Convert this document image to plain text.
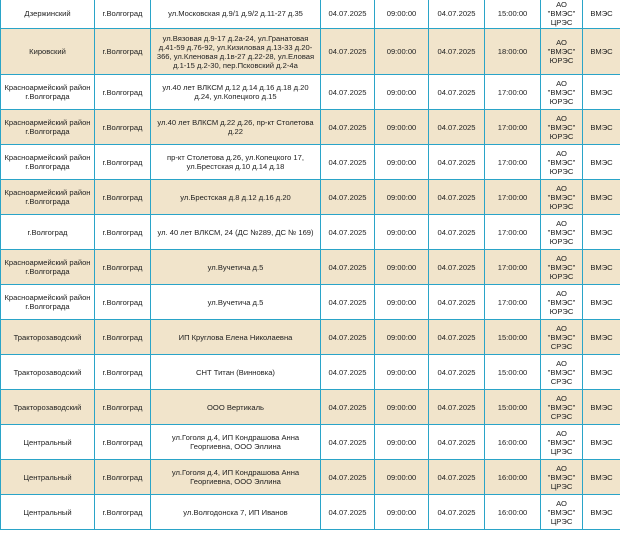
Дзержинский	г.Волгоград	ул.Московская д.9/1 д.9/2 д.11-27 д.35	04.07.2025	09:00:00	04.07.2025	15:00:00	АО "ВМЭС" ЦРЭС	ВМЭС
Кировский	г.Волгоград	ул.Вязовая д.9-17 д.2а-24, ул.Гранатовая д.41-59 д.76-92, ул.Кизиловая д.13-33 д.20-366, ул.Кленовая д.1в-27 д.22-28, ул.Еловая д.1-15 д.2-30, пер.Псковский д.2-4а	04.07.2025	09:00:00	04.07.2025	18:00:00	АО "ВМЭС" ЮРЭС	ВМЭС
Красноармейский район г.Волгограда	г.Волгоград	ул.40 лет ВЛКСМ д.12 д.14 д.16 д.18 д.20 д.24, ул.Копецкого д.15	04.07.2025	09:00:00	04.07.2025	17:00:00	АО "ВМЭС" ЮРЭС	ВМЭС
Красноармейский район г.Волгограда	г.Волгоград	ул.40 лет ВЛКСМ д.22 д.26, пр-кт Столетова д.22	04.07.2025	09:00:00	04.07.2025	17:00:00	АО "ВМЭС" ЮРЭС	ВМЭС
Красноармейский район г.Волгограда	г.Волгоград	пр-кт Столетова д.26, ул.Копецкого 17, ул.Брестская д.10 д.14 д.18	04.07.2025	09:00:00	04.07.2025	17:00:00	АО "ВМЭС" ЮРЭС	ВМЭС
Красноармейский район г.Волгограда	г.Волгоград	ул.Брестская д.8 д.12 д.16 д.20	04.07.2025	09:00:00	04.07.2025	17:00:00	АО "ВМЭС" ЮРЭС	ВМЭС
г.Волгоград	г.Волгоград	ул. 40 лет ВЛКСМ, 24 (ДС №289, ДС № 169)	04.07.2025	09:00:00	04.07.2025	17:00:00	АО "ВМЭС" ЮРЭС	ВМЭС
Красноармейский район г.Волгограда	г.Волгоград	ул.Вучетича д.5	04.07.2025	09:00:00	04.07.2025	17:00:00	АО "ВМЭС" ЮРЭС	ВМЭС
Красноармейский район г.Волгограда	г.Волгоград	ул.Вучетича д.5	04.07.2025	09:00:00	04.07.2025	17:00:00	АО "ВМЭС" ЮРЭС	ВМЭС
Тракторозаводский	г.Волгоград	ИП Круглова Елена Николаевна	04.07.2025	09:00:00	04.07.2025	15:00:00	АО "ВМЭС" СРЭС	ВМЭС
Тракторозаводский	г.Волгоград	СНТ Титан (Винновка)	04.07.2025	09:00:00	04.07.2025	15:00:00	АО "ВМЭС" СРЭС	ВМЭС
Тракторозаводский	г.Волгоград	ООО Вертикаль	04.07.2025	09:00:00	04.07.2025	15:00:00	АО "ВМЭС" СРЭС	ВМЭС
Центральный	г.Волгоград	ул.Гоголя д.4, ИП Кондрашова Анна Георгиевна, ООО Эллина	04.07.2025	09:00:00	04.07.2025	16:00:00	АО "ВМЭС" ЦРЭС	ВМЭС
Центральный	г.Волгоград	ул.Гоголя д.4, ИП Кондрашова Анна Георгиевна, ООО Эллина	04.07.2025	09:00:00	04.07.2025	16:00:00	АО "ВМЭС" ЦРЭС	ВМЭС
Центральный	г.Волгоград	ул.Волгодонска 7, ИП Иванов	04.07.2025	09:00:00	04.07.2025	16:00:00	АО "ВМЭС" ЦРЭС	ВМЭС
